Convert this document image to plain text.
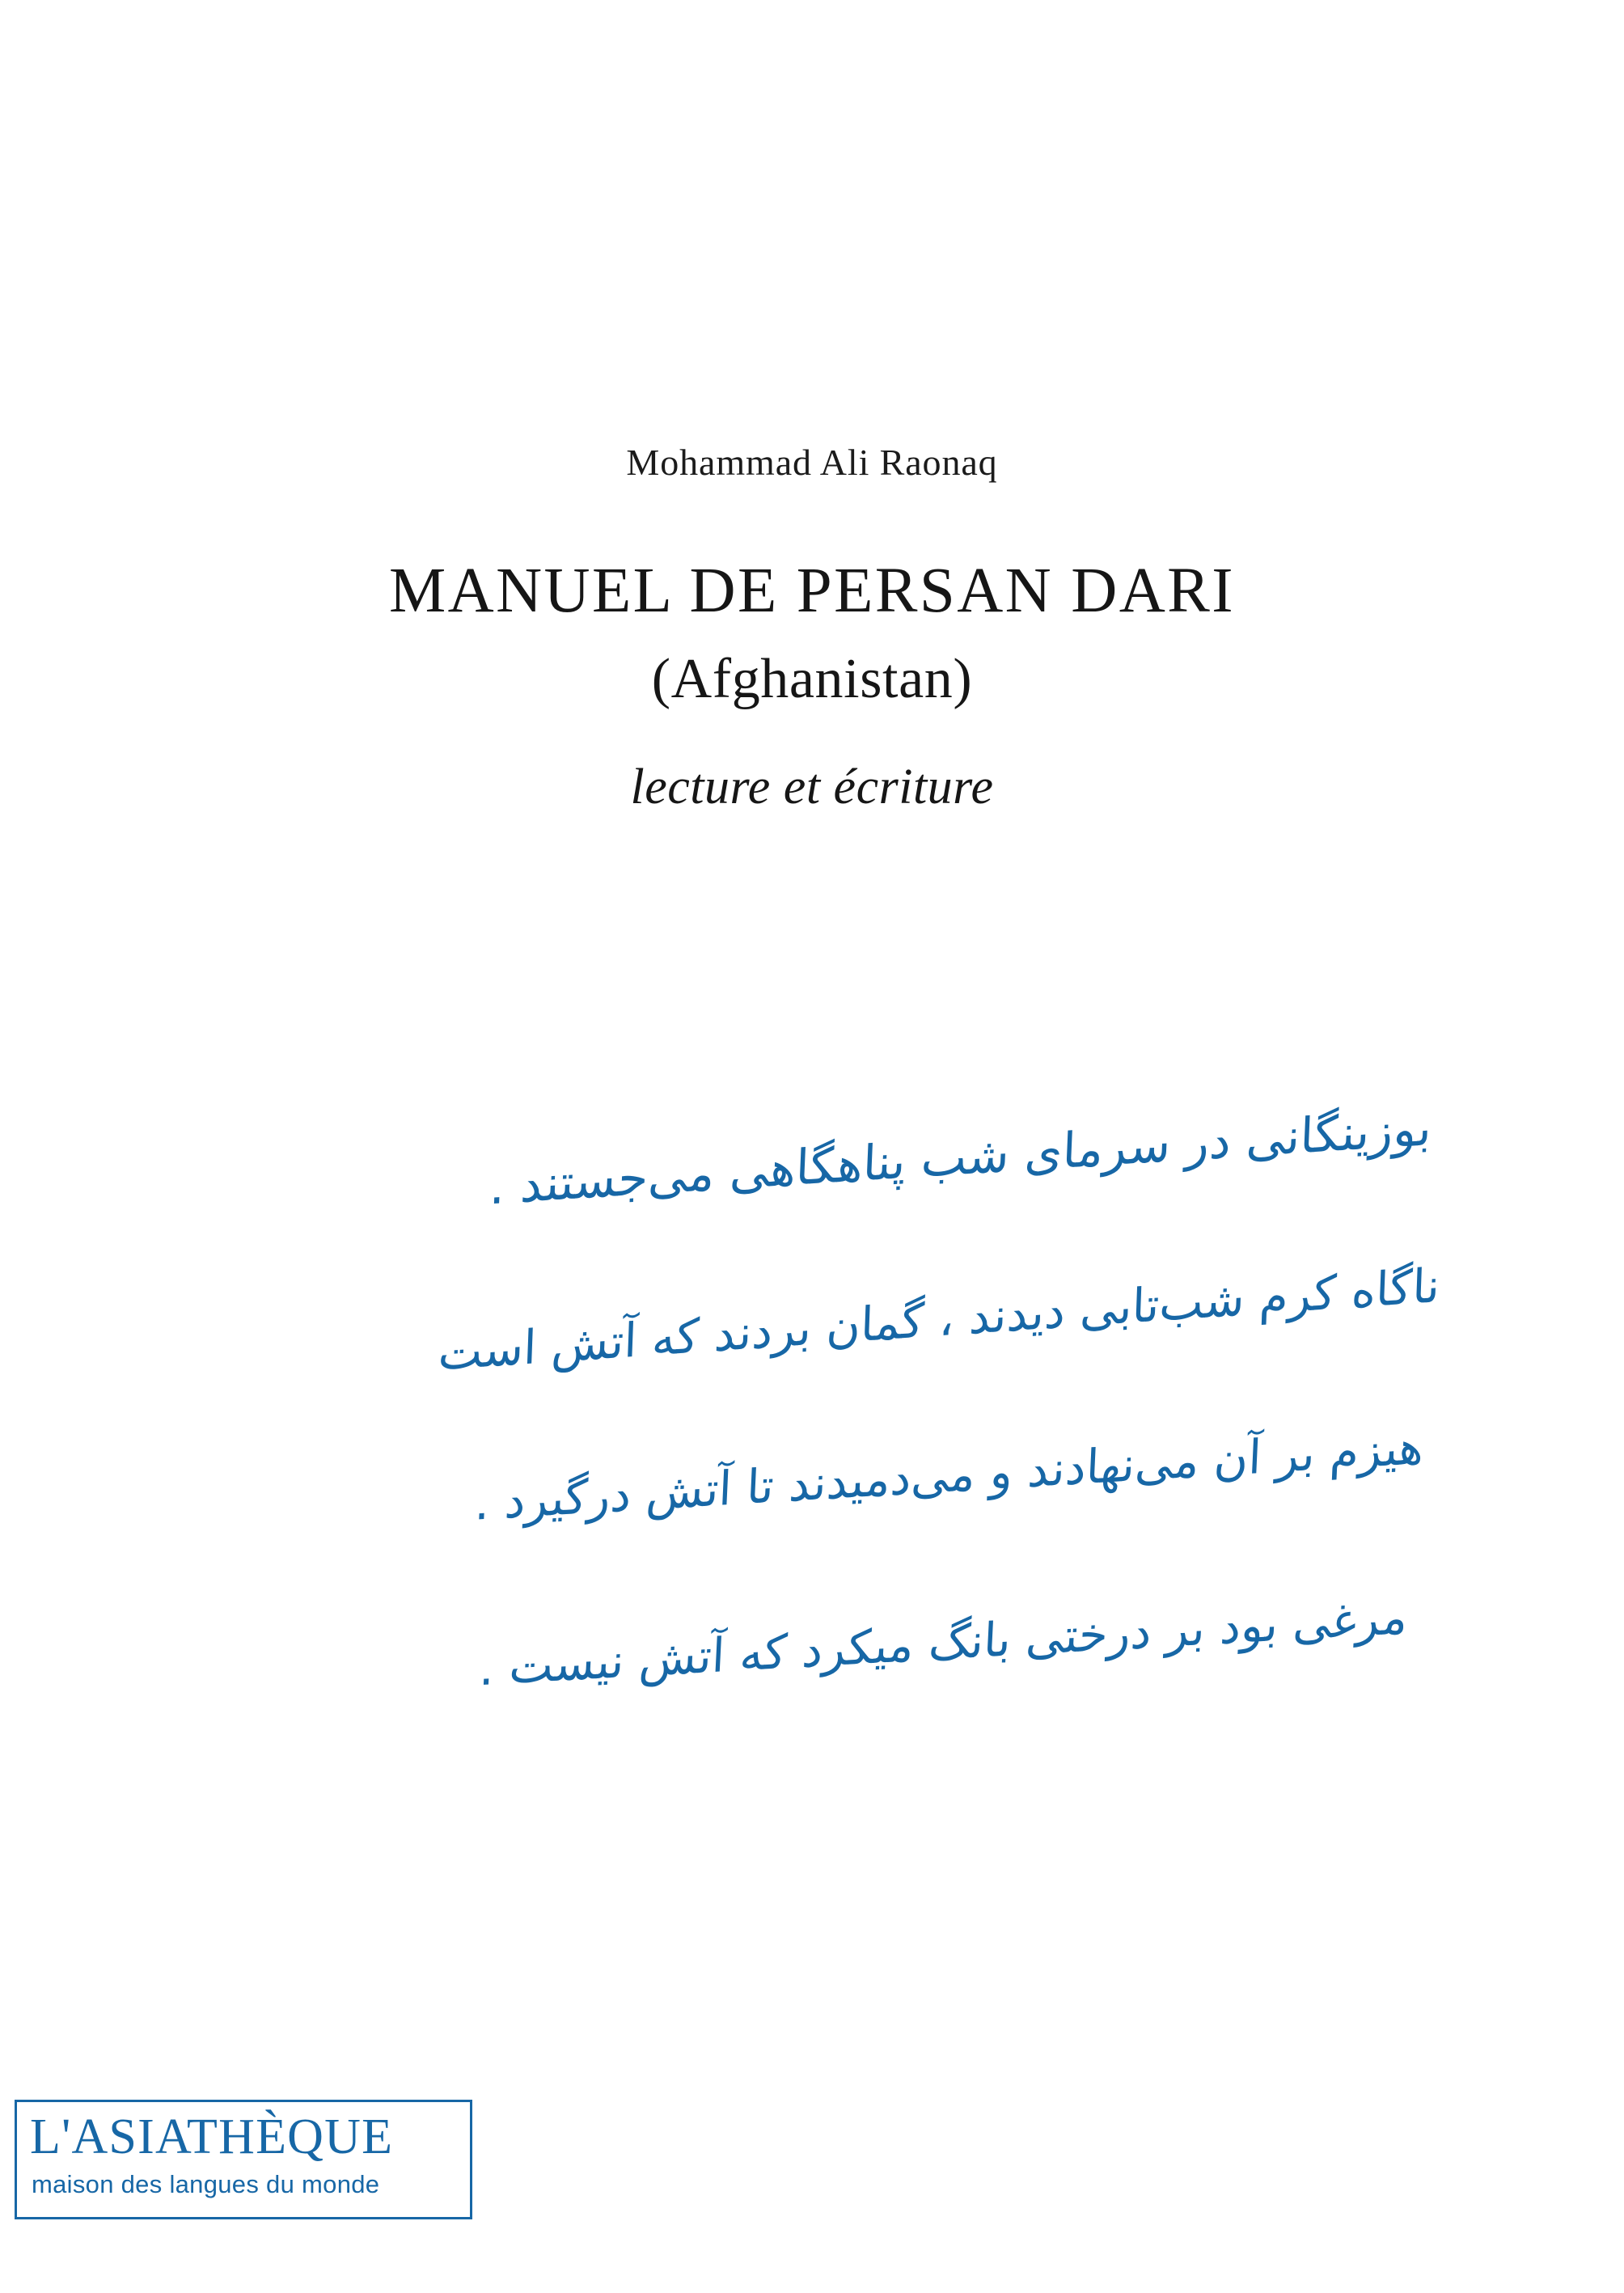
Mohammad Ali Raonaq

MANUEL DE PERSAN DARI

(Afghanistan)

lecture et écriture

بوزینگانی در سرمای شب پناهگاهی می‌جستند .
ناگاه کرم شب‌تابی دیدند ، گمان بردند که آتش است
هیزم بر آن می‌نهادند و می‌دمیدند تا آتش درگیرد .
مرغی بود بر درختی بانگ میکرد که آتش نیست .
L'ASIATHÈQUE
maison des langues du monde
